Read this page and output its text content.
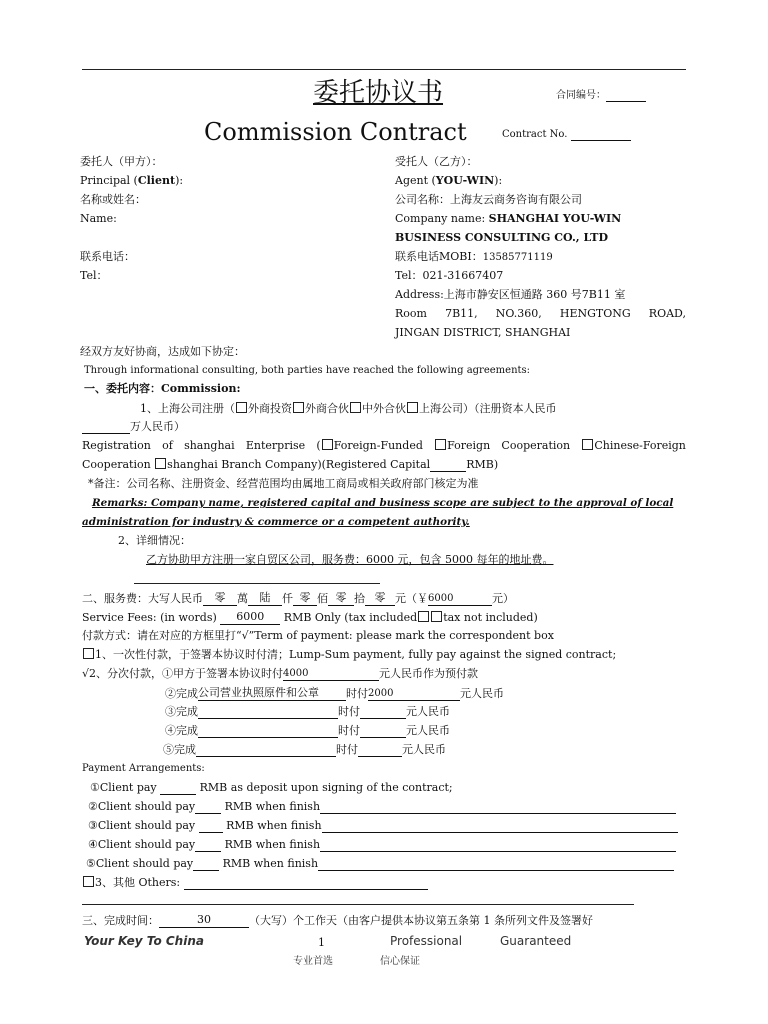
委托协议书	合同编号：
Commission Contract	Contract No.
委托人（甲方）：
Principal (Client):
名称或姓名：
Name:
联系电话：
Tel：
受托人（乙方）：
Agent (YOU-WIN):
公司名称：上海友云商务咨询有限公司
Company name: SHANGHAI YOU-WIN
BUSINESS CONSULTING CO., LTD
联系电话MOBI：13585771119
Tel：021-31667407
Address:上海市静安区恒通路 360 号7B11 室
Room 7B11, NO.360, HENGTONG ROAD,
JINGAN DISTRICT, SHANGHAI
经双方友好协商，达成如下协定：
Through informational consulting, both parties have reached the following agreements:
一、委托内容：Commission:
1、上海公司注册（ 外商投资 外商合伙 中外合伙 上海公司）（注册资本人民币
万人民币）
Registration of shanghai Enterprise ( Foreign-Funded	Foreign Cooperation	Chinese-Foreign
Cooperation shanghai Branch Company)(Registered Capital	RMB)
*备注：公司名称、注册资金、经营范围均由属地工商局或相关政府部门核定为准
Remarks: Company name, registered capital and business scope are subject to the approval of local
administration for industry & commerce or a competent authority.
2、详细情况：
乙方协助甲方注册一家自贸区公司，服务费：6000 元，包含 5000 每年的地址费。
二、服务费：大写人民币 零 萬 陆 仟 零 佰 零 拾 零 元（￥6000	元）
Service Fees: (in words) 6000 RMB Only (tax included tax not included)
付款方式：请在对应的方框里打“√”Term of payment: please mark the correspondent box
1、一次性付款，于签署本协议时付清；Lump-Sum payment, fully pay against the signed contract;
√2、分次付款，①甲方于签署本协议时付4000	元人民币作为预付款
②完成公司营业执照原件和公章 时付2000	元人民币
③完成	时付	元人民币
④完成	时付	元人民币
⑤完成	时付	元人民币
Payment Arrangements:
①Client pay	RMB as deposit upon signing of the contract;
②Client should pay	RMB when finish
③Client should pay	RMB when finish
④Client should pay	RMB when finish
⑤Client should pay	RMB when finish
3、其他 Others:
三、完成时间：	30	（大写）个工作天（由客户提供本协议第五条第 1 条所列文件及签署好
Your Key To China	1	Professional	Guaranteed
专业首选	信心保证
